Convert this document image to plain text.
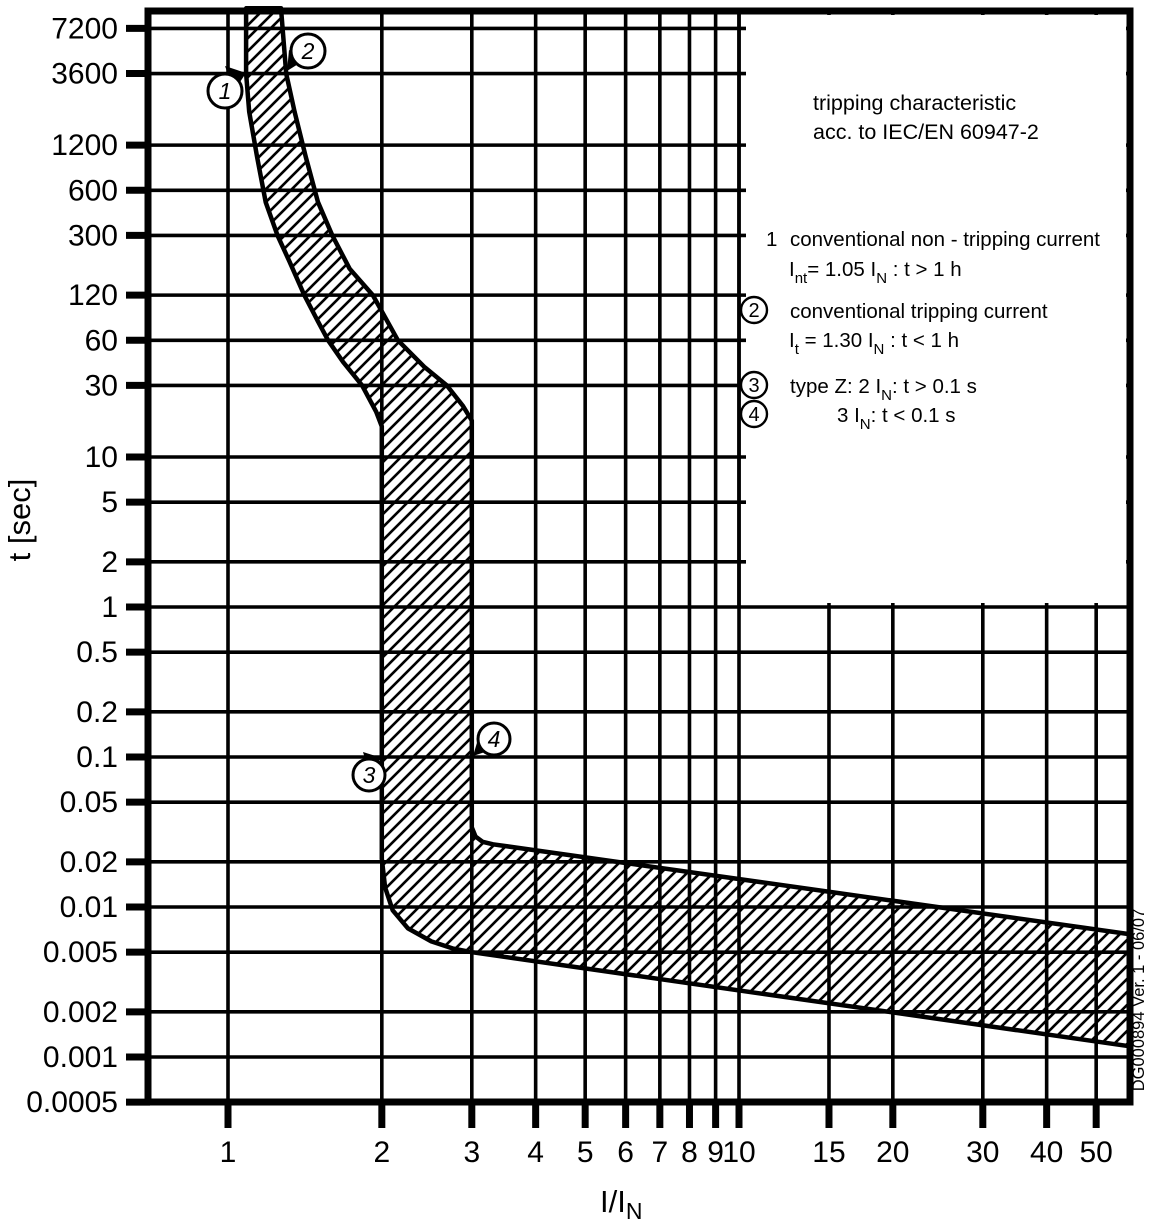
7200
3600
1200
600
300
120
60
30
10
5
2
1
0.5
0.2
0.1
0.05
0.02
0.01
0.005
0.002
0.001
0.0005
1	2 3 4 5 6 7 8 9
10 15 20 30 40 50
1 conventional non - tripping current
$I_{nt}= 1.05$ $I_N$ : t > 1 h
2 conventional tripping current
$I_t = 1.30$ $I_N$ : t < 1 h
3 type Z: 2 $I_N$: t > 0.1 s
4	3 $I_N$: t < 0.1 s
1
2
3
4
tripping characteristic
acc. to IEC/EN 60947-2
t [sec]
$I/I_N$
DG000894 Ver. 1 - 06/07
